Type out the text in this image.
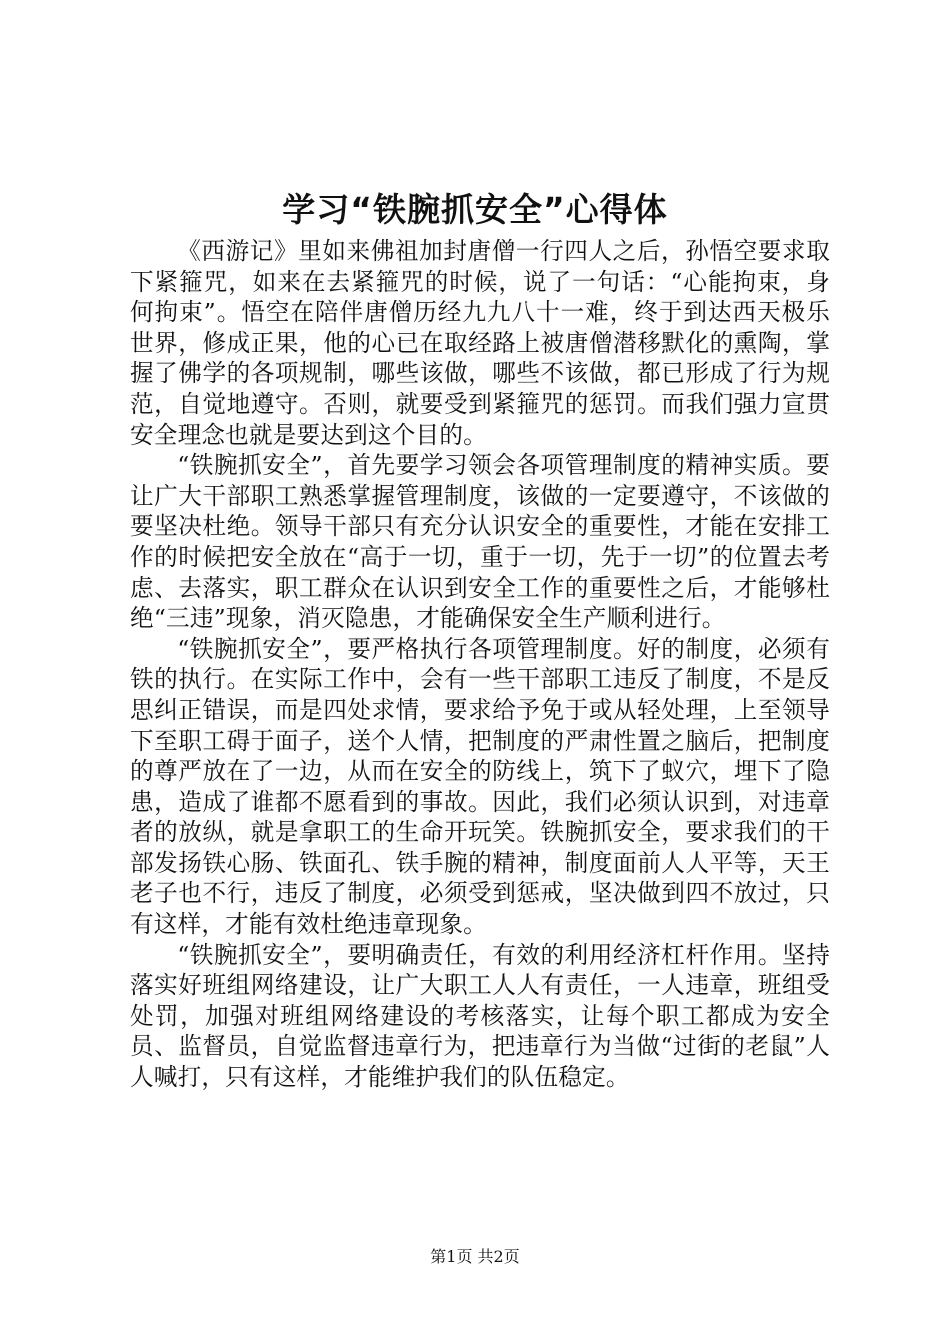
学习“铁腕抓安全”心得体

《西游记》里如来佛祖加封唐僧一行四人之后，孙悟空要求取下紧箍咒，如来在去紧箍咒的时候，说了一句话：“心能拘束，身何拘束”。悟空在陪伴唐僧历经九九八十一难，终于到达西天极乐世界，修成正果，他的心已在取经路上被唐僧潜移默化的熏陶，掌握了佛学的各项规制，哪些该做，哪些不该做，都已形成了行为规范，自觉地遵守。否则，就要受到紧箍咒的惩罚。而我们强力宣贯安全理念也就是要达到这个目的。

“铁腕抓安全”，首先要学习领会各项管理制度的精神实质。要让广大干部职工熟悉掌握管理制度，该做的一定要遵守，不该做的要坚决杜绝。领导干部只有充分认识安全的重要性，才能在安排工作的时候把安全放在“高于一切，重于一切，先于一切”的位置去考虑、去落实，职工群众在认识到安全工作的重要性之后，才能够杜绝“三违”现象，消灭隐患，才能确保安全生产顺利进行。

“铁腕抓安全”，要严格执行各项管理制度。好的制度，必须有铁的执行。在实际工作中，会有一些干部职工违反了制度，不是反思纠正错误，而是四处求情，要求给予免于或从轻处理，上至领导下至职工碍于面子，送个人情，把制度的严肃性置之脑后，把制度的尊严放在了一边，从而在安全的防线上，筑下了蚁穴，埋下了隐患，造成了谁都不愿看到的事故。因此，我们必须认识到，对违章者的放纵，就是拿职工的生命开玩笑。铁腕抓安全，要求我们的干部发扬铁心肠、铁面孔、铁手腕的精神，制度面前人人平等，天王老子也不行，违反了制度，必须受到惩戒，坚决做到四不放过，只有这样，才能有效杜绝违章现象。

“铁腕抓安全”，要明确责任，有效的利用经济杠杆作用。坚持落实好班组网络建设，让广大职工人人有责任，一人违章，班组受处罚，加强对班组网络建设的考核落实，让每个职工都成为安全员、监督员，自觉监督违章行为，把违章行为当做“过街的老鼠”人人喊打，只有这样，才能维护我们的队伍稳定。

第1页 共2页
